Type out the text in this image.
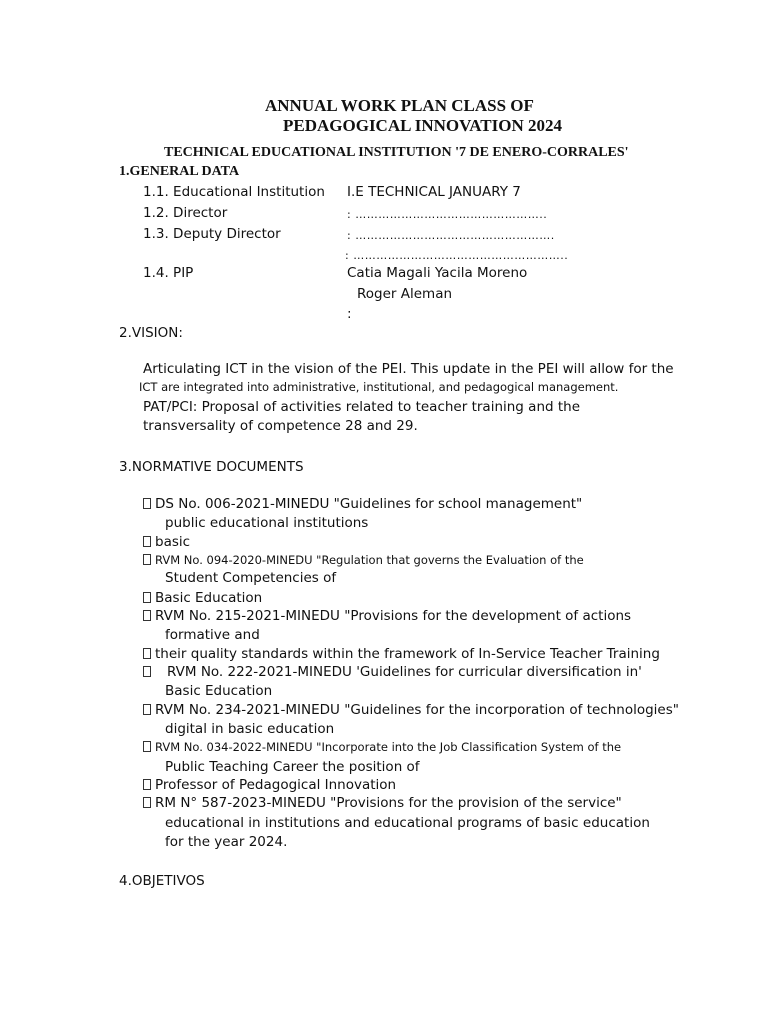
ANNUAL WORK PLAN CLASS OF
PEDAGOGICAL INNOVATION 2024
TECHNICAL EDUCATIONAL INSTITUTION '7 DE ENERO-CORRALES'
1.GENERAL DATA
1.1. Educational Institution I.E TECHNICAL JANUARY 7
1.2. Director	: …………………………………………..
1.3. Deputy Director	: …………………………………………….
: ………………………………………………..
1.4. PIP	Catia Magali Yacila Moreno
Roger Aleman
:
2.VISION:
Articulating ICT in the vision of the PEI. This update in the PEI will allow for the
ICT are integrated into administrative, institutional, and pedagogical management.
PAT/PCI: Proposal of activities related to teacher training and the
transversality of competence 28 and 29.
3.NORMATIVE DOCUMENTS
DS No. 006-2021-MINEDU "Guidelines for school management"
public educational institutions
basic
RVM No. 094-2020-MINEDU "Regulation that governs the Evaluation of the
Student Competencies of
Basic Education
RVM No. 215-2021-MINEDU "Provisions for the development of actions
formative and
their quality standards within the framework of In-Service Teacher Training
RVM No. 222-2021-MINEDU 'Guidelines for curricular diversification in'
Basic Education
RVM No. 234-2021-MINEDU "Guidelines for the incorporation of technologies"
digital in basic education
RVM No. 034-2022-MINEDU "Incorporate into the Job Classification System of the
Public Teaching Career the position of
Professor of Pedagogical Innovation
RM N° 587-2023-MINEDU "Provisions for the provision of the service"
educational in institutions and educational programs of basic education
for the year 2024.
4.OBJETIVOS
